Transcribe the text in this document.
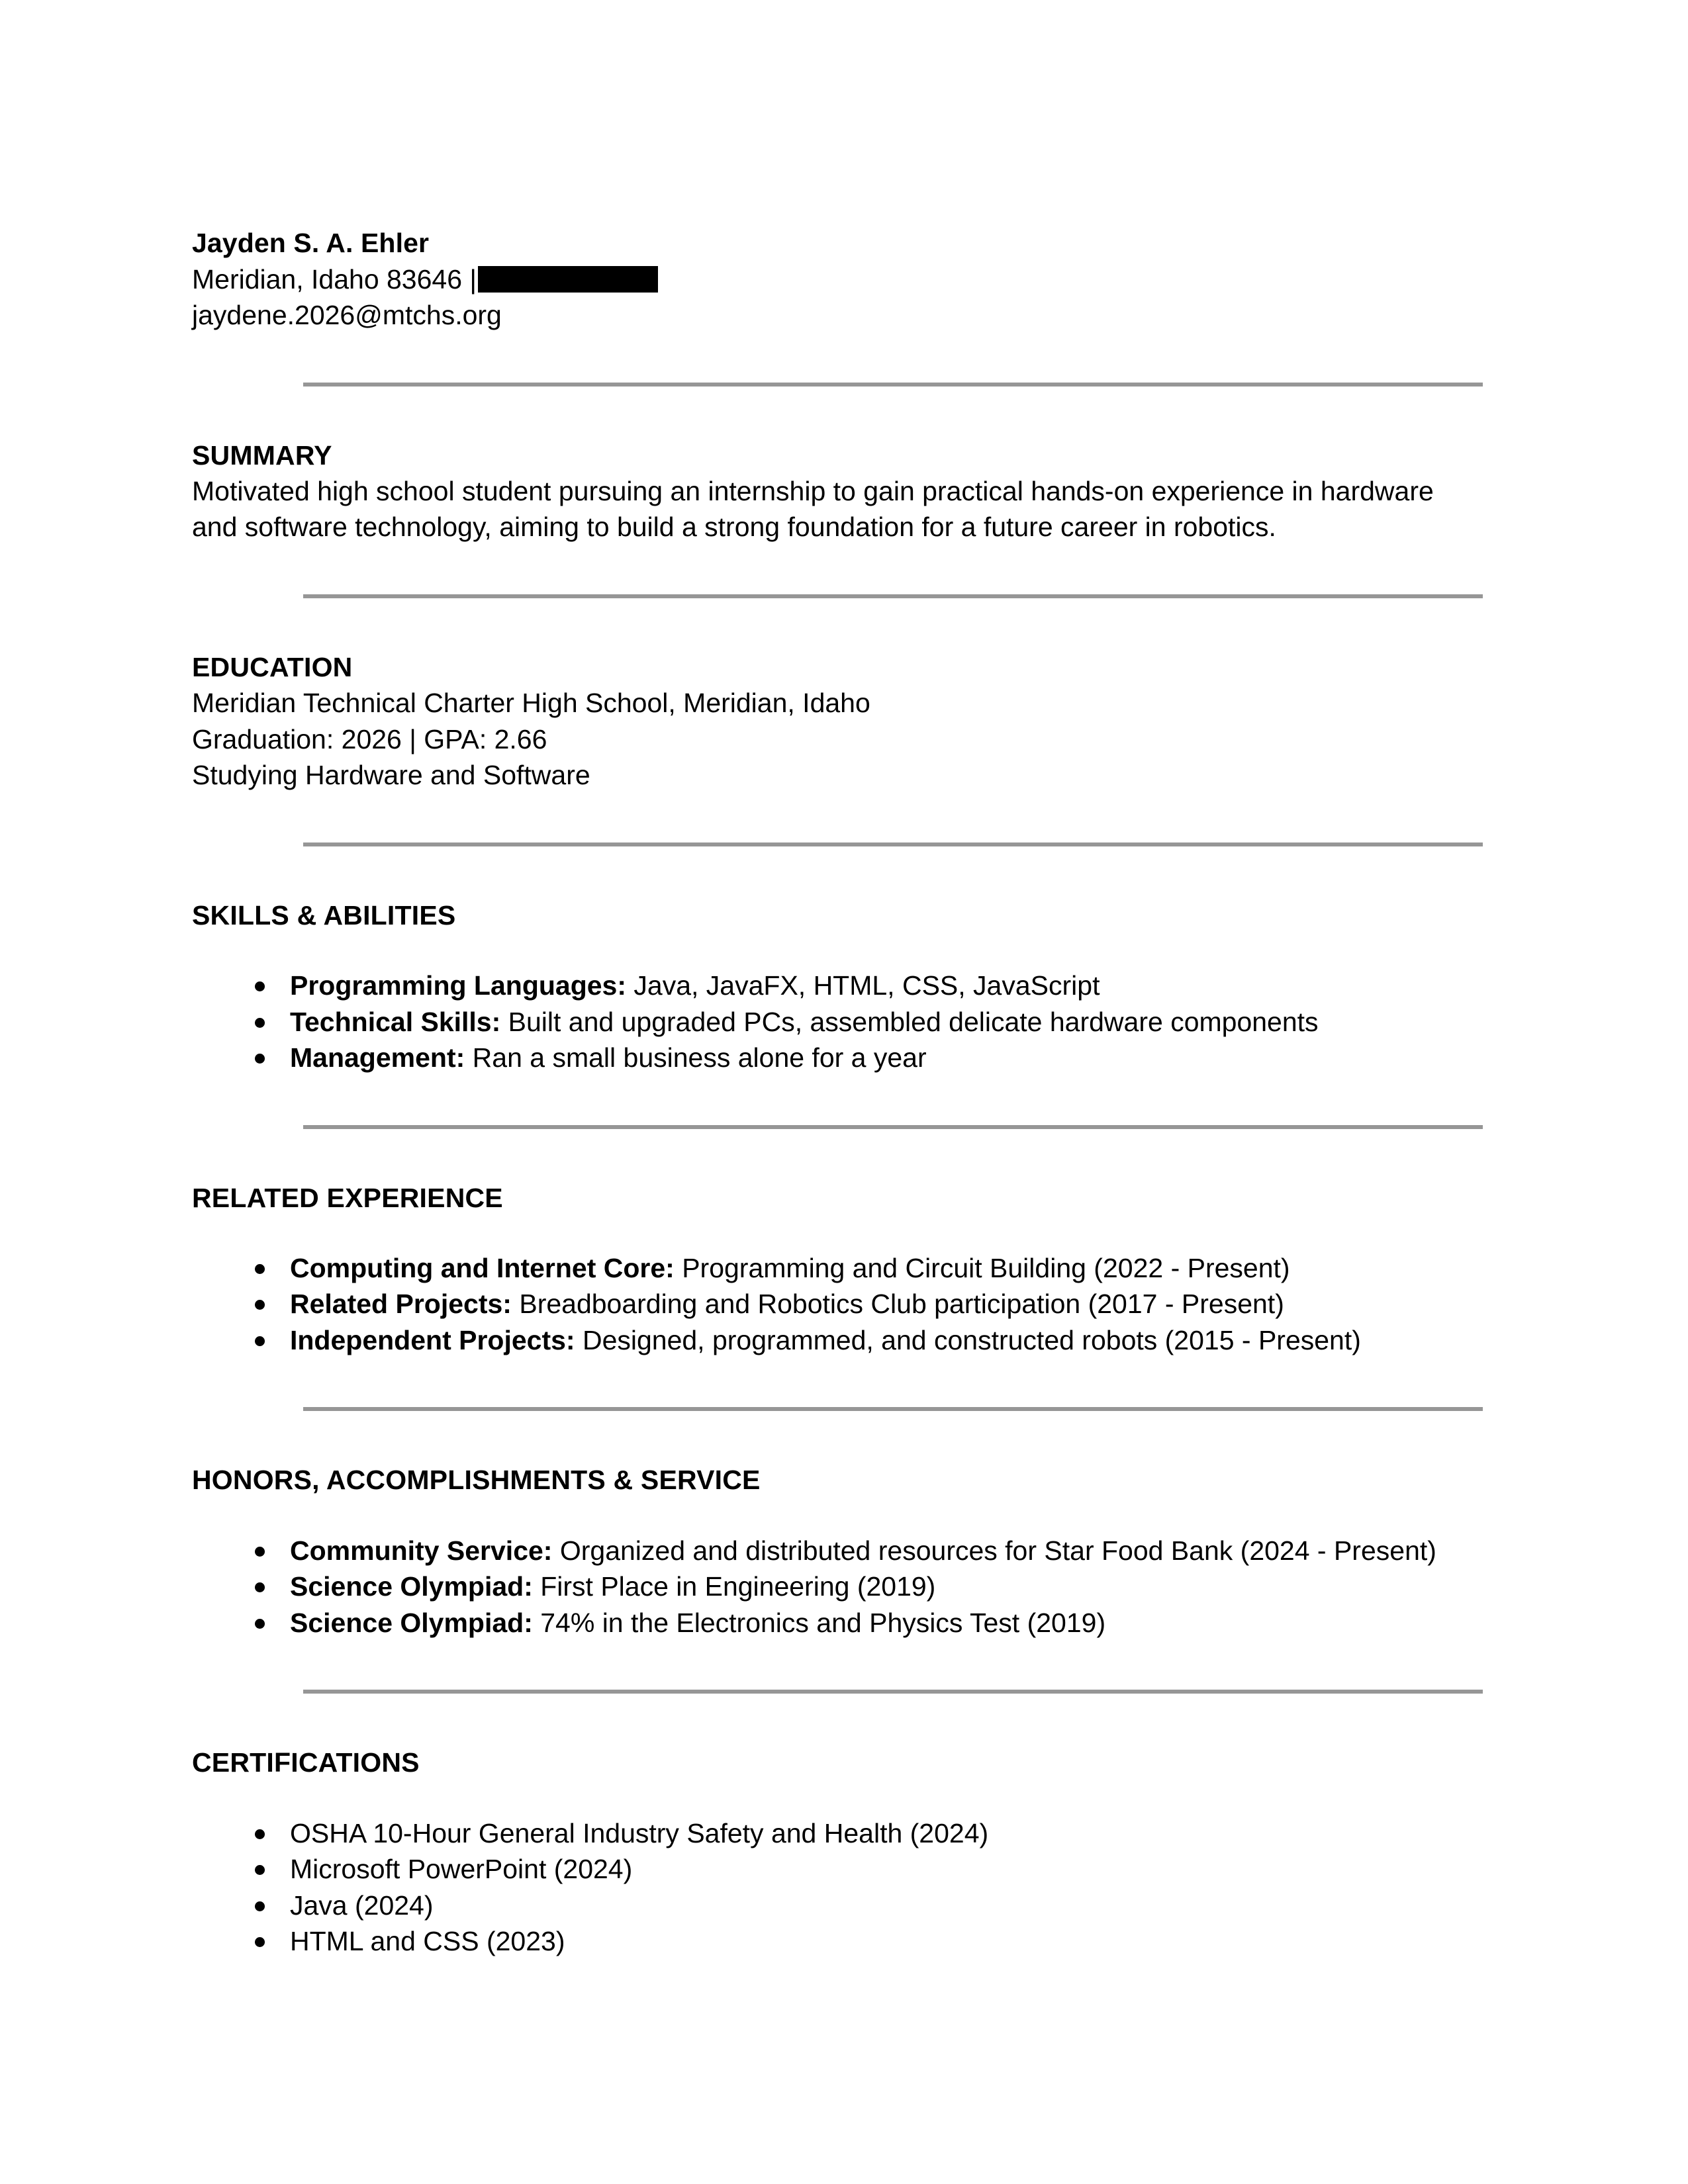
Jayden S. A. Ehler
Meridian, Idaho 83646 |
jaydene.2026@mtchs.org
SUMMARY
Motivated high school student pursuing an internship to gain practical hands-on experience in hardware and software technology, aiming to build a strong foundation for a future career in robotics.
EDUCATION
Meridian Technical Charter High School, Meridian, Idaho
Graduation: 2026 | GPA: 2.66
Studying Hardware and Software
SKILLS & ABILITIES
Programming Languages: Java, JavaFX, HTML, CSS, JavaScript
Technical Skills: Built and upgraded PCs, assembled delicate hardware components
Management: Ran a small business alone for a year
RELATED EXPERIENCE
Computing and Internet Core: Programming and Circuit Building (2022 - Present)
Related Projects: Breadboarding and Robotics Club participation (2017 - Present)
Independent Projects: Designed, programmed, and constructed robots (2015 - Present)
HONORS, ACCOMPLISHMENTS & SERVICE
Community Service: Organized and distributed resources for Star Food Bank (2024 - Present)
Science Olympiad: First Place in Engineering (2019)
Science Olympiad: 74% in the Electronics and Physics Test (2019)
CERTIFICATIONS
OSHA 10-Hour General Industry Safety and Health (2024)
Microsoft PowerPoint (2024)
Java (2024)
HTML and CSS (2023)
